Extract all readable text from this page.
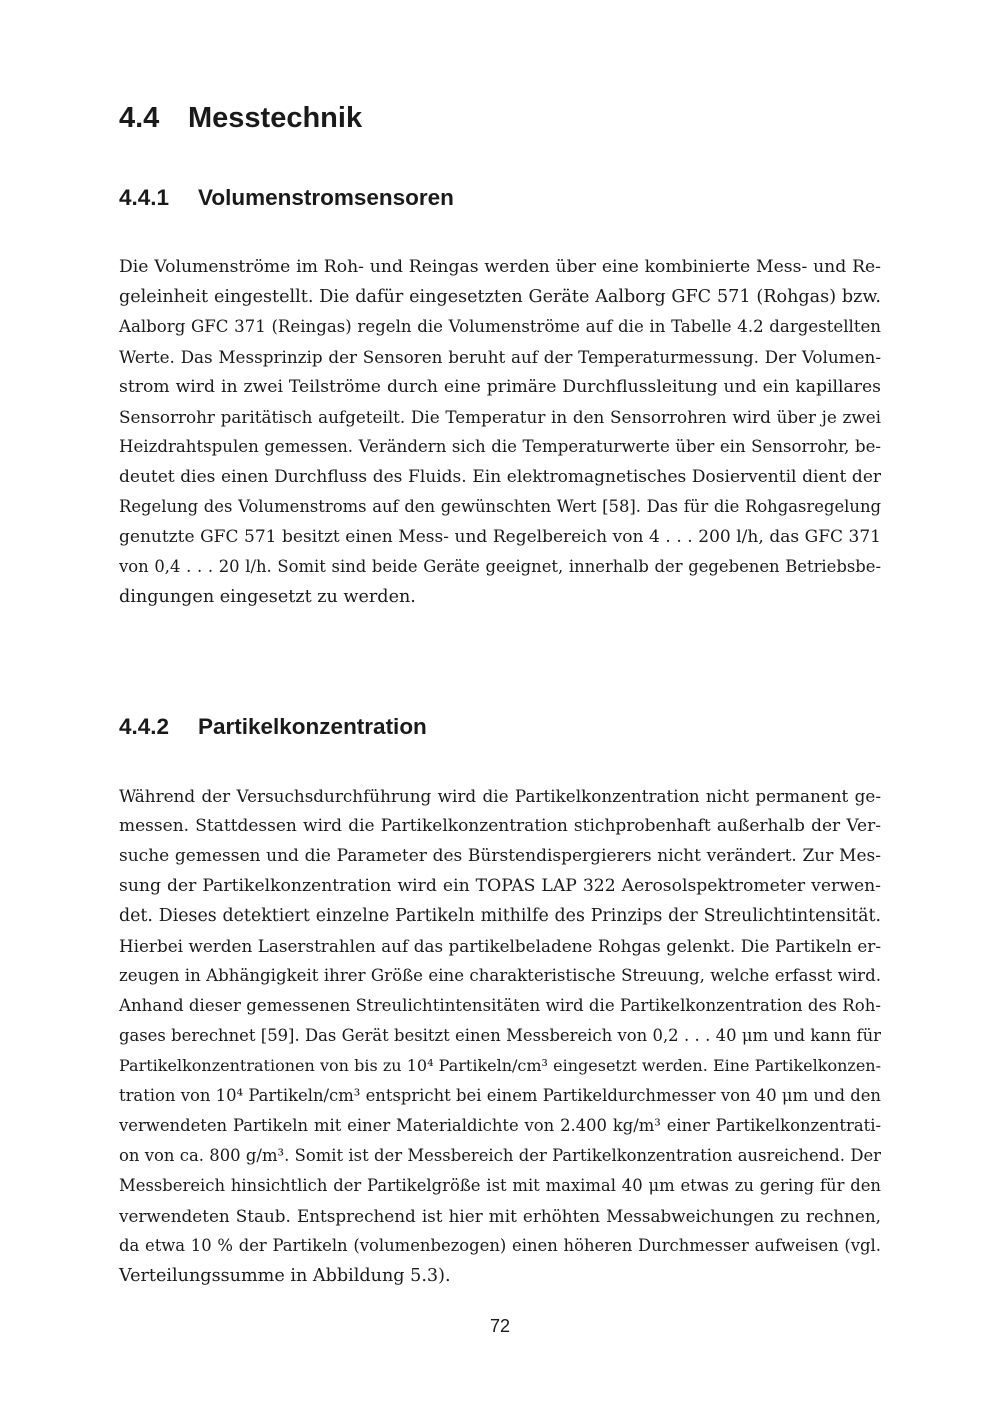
4.4 Messtechnik
4.4.1 Volumenstromsensoren
Die Volumenströme im Roh- und Reingas werden über eine kombinierte Mess- und Re-
geleinheit eingestellt. Die dafür eingesetzten Geräte Aalborg GFC 571 (Rohgas) bzw.
Aalborg GFC 371 (Reingas) regeln die Volumenströme auf die in Tabelle 4.2 dargestellten
Werte. Das Messprinzip der Sensoren beruht auf der Temperaturmessung. Der Volumen-
strom wird in zwei Teilströme durch eine primäre Durchflussleitung und ein kapillares
Sensorrohr paritätisch aufgeteilt. Die Temperatur in den Sensorrohren wird über je zwei
Heizdrahtspulen gemessen. Verändern sich die Temperaturwerte über ein Sensorrohr, be-
deutet dies einen Durchfluss des Fluids. Ein elektromagnetisches Dosierventil dient der
Regelung des Volumenstroms auf den gewünschten Wert [58]. Das für die Rohgasregelung
genutzte GFC 571 besitzt einen Mess- und Regelbereich von 4 . . . 200 l/h, das GFC 371
von 0,4 . . . 20 l/h. Somit sind beide Geräte geeignet, innerhalb der gegebenen Betriebsbe-
dingungen eingesetzt zu werden.
4.4.2 Partikelkonzentration
Während der Versuchsdurchführung wird die Partikelkonzentration nicht permanent ge-
messen. Stattdessen wird die Partikelkonzentration stichprobenhaft außerhalb der Ver-
suche gemessen und die Parameter des Bürstendispergierers nicht verändert. Zur Mes-
sung der Partikelkonzentration wird ein TOPAS LAP 322 Aerosolspektrometer verwen-
det. Dieses detektiert einzelne Partikeln mithilfe des Prinzips der Streulichtintensität.
Hierbei werden Laserstrahlen auf das partikelbeladene Rohgas gelenkt. Die Partikeln er-
zeugen in Abhängigkeit ihrer Größe eine charakteristische Streuung, welche erfasst wird.
Anhand dieser gemessenen Streulichtintensitäten wird die Partikelkonzentration des Roh-
gases berechnet [59]. Das Gerät besitzt einen Messbereich von 0,2 . . . 40 μm und kann für
Partikelkonzentrationen von bis zu 10⁴ Partikeln/cm³ eingesetzt werden. Eine Partikelkonzen-
tration von 10⁴ Partikeln/cm³ entspricht bei einem Partikeldurchmesser von 40 μm und den
verwendeten Partikeln mit einer Materialdichte von 2.400 kg/m³ einer Partikelkonzentrati-
on von ca. 800 g/m³. Somit ist der Messbereich der Partikelkonzentration ausreichend. Der
Messbereich hinsichtlich der Partikelgröße ist mit maximal 40 μm etwas zu gering für den
verwendeten Staub. Entsprechend ist hier mit erhöhten Messabweichungen zu rechnen,
da etwa 10 % der Partikeln (volumenbezogen) einen höheren Durchmesser aufweisen (vgl.
Verteilungssumme in Abbildung 5.3).
72
